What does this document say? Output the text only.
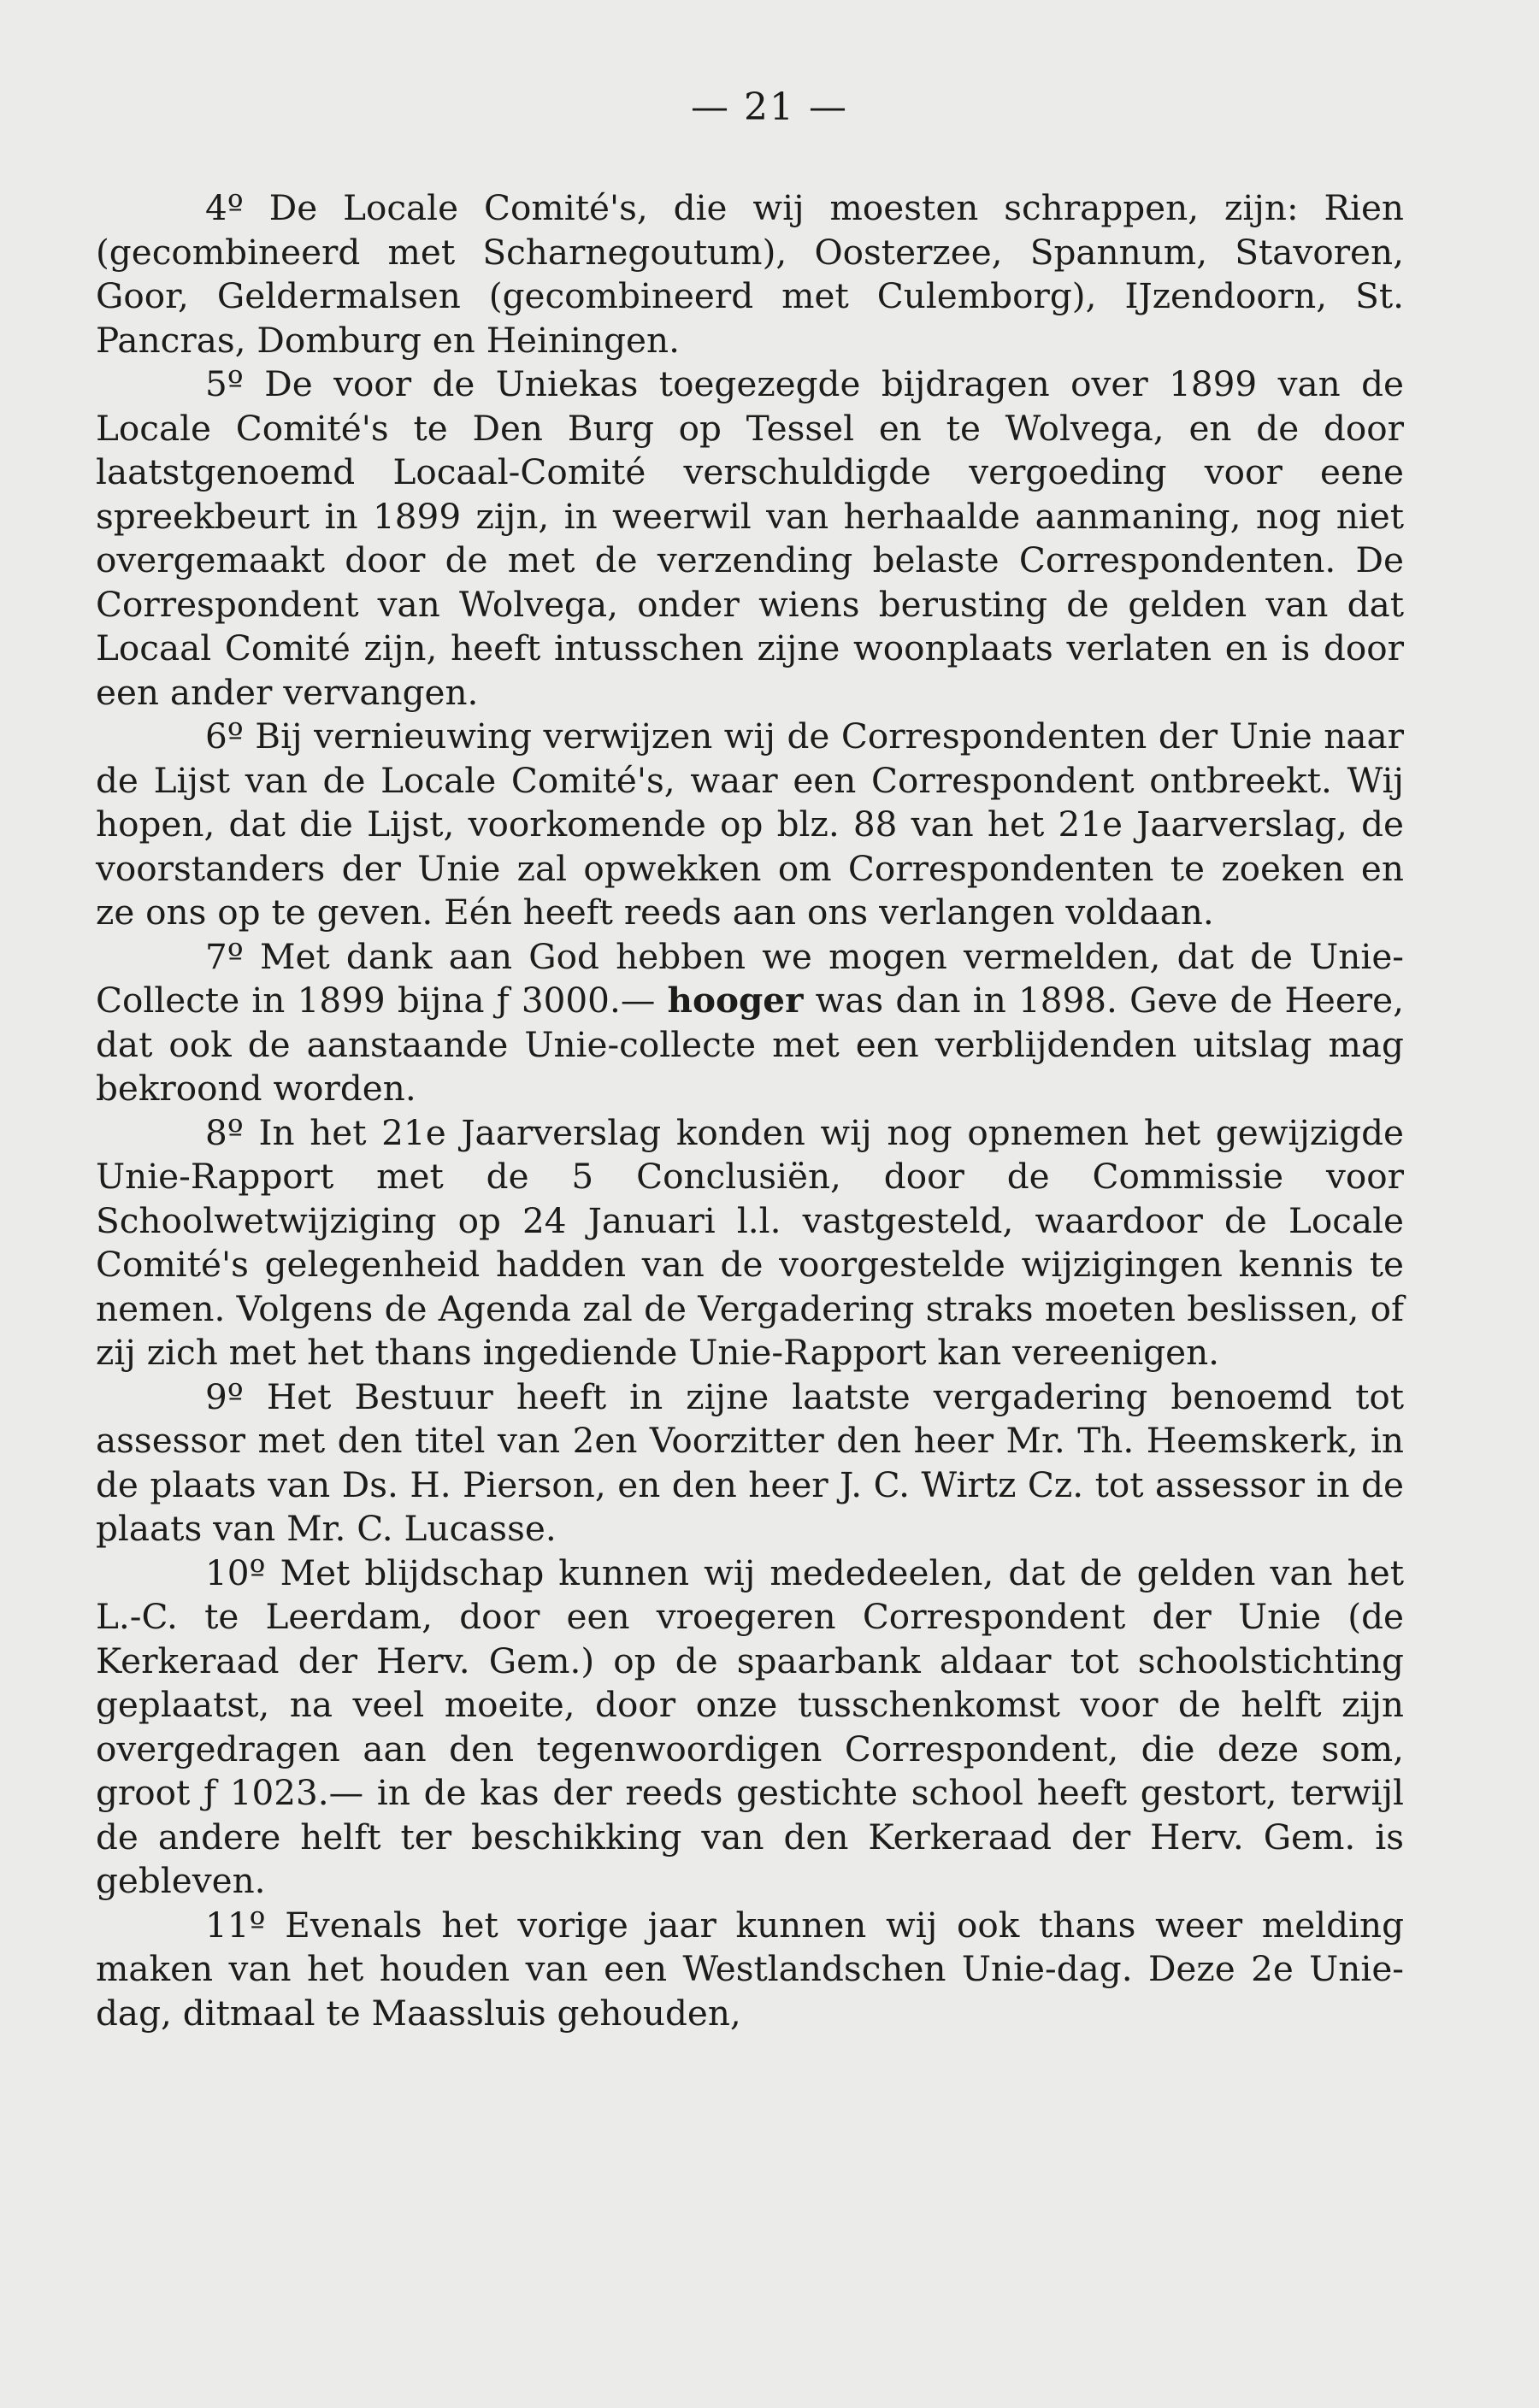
— 21 —

4º De Locale Comité's, die wij moesten schrappen, zijn: Rien (gecombineerd met Scharnegoutum), Oosterzee, Spannum, Stavoren, Goor, Geldermalsen (gecombineerd met Culemborg), IJzendoorn, St. Pancras, Domburg en Heiningen.

5º De voor de Uniekas toegezegde bijdragen over 1899 van de Locale Comité's te Den Burg op Tessel en te Wolvega, en de door laatstgenoemd Locaal-Comité verschuldigde vergoeding voor eene spreekbeurt in 1899 zijn, in weerwil van herhaalde aanmaning, nog niet overgemaakt door de met de verzending belaste Correspondenten. De Correspondent van Wolvega, onder wiens berusting de gelden van dat Locaal Comité zijn, heeft intusschen zijne woonplaats verlaten en is door een ander vervangen.

6º Bij vernieuwing verwijzen wij de Correspondenten der Unie naar de Lijst van de Locale Comité's, waar een Correspondent ontbreekt. Wij hopen, dat die Lijst, voorkomende op blz. 88 van het 21e Jaarverslag, de voorstanders der Unie zal opwekken om Correspondenten te zoeken en ze ons op te geven. Eén heeft reeds aan ons verlangen voldaan.

7º Met dank aan God hebben we mogen vermelden, dat de Unie-Collecte in 1899 bijna ƒ 3000.— hooger was dan in 1898. Geve de Heere, dat ook de aanstaande Unie-collecte met een verblijdenden uitslag mag bekroond worden.

8º In het 21e Jaarverslag konden wij nog opnemen het gewijzigde Unie-Rapport met de 5 Conclusiën, door de Commissie voor Schoolwetwijziging op 24 Januari l.l. vastgesteld, waardoor de Locale Comité's gelegenheid hadden van de voorgestelde wijzigingen kennis te nemen. Volgens de Agenda zal de Vergadering straks moeten beslissen, of zij zich met het thans ingediende Unie-Rapport kan vereenigen.

9º Het Bestuur heeft in zijne laatste vergadering benoemd tot assessor met den titel van 2en Voorzitter den heer Mr. Th. Heemskerk, in de plaats van Ds. H. Pierson, en den heer J. C. Wirtz Cz. tot assessor in de plaats van Mr. C. Lucasse.

10º Met blijdschap kunnen wij mededeelen, dat de gelden van het L.-C. te Leerdam, door een vroegeren Correspondent der Unie (de Kerkeraad der Herv. Gem.) op de spaarbank aldaar tot schoolstichting geplaatst, na veel moeite, door onze tusschenkomst voor de helft zijn overgedragen aan den tegenwoordigen Correspondent, die deze som, groot ƒ 1023.— in de kas der reeds gestichte school heeft gestort, terwijl de andere helft ter beschikking van den Kerkeraad der Herv. Gem. is gebleven.

11º Evenals het vorige jaar kunnen wij ook thans weer melding maken van het houden van een Westlandschen Unie-dag. Deze 2e Unie-dag, ditmaal te Maassluis gehouden,
